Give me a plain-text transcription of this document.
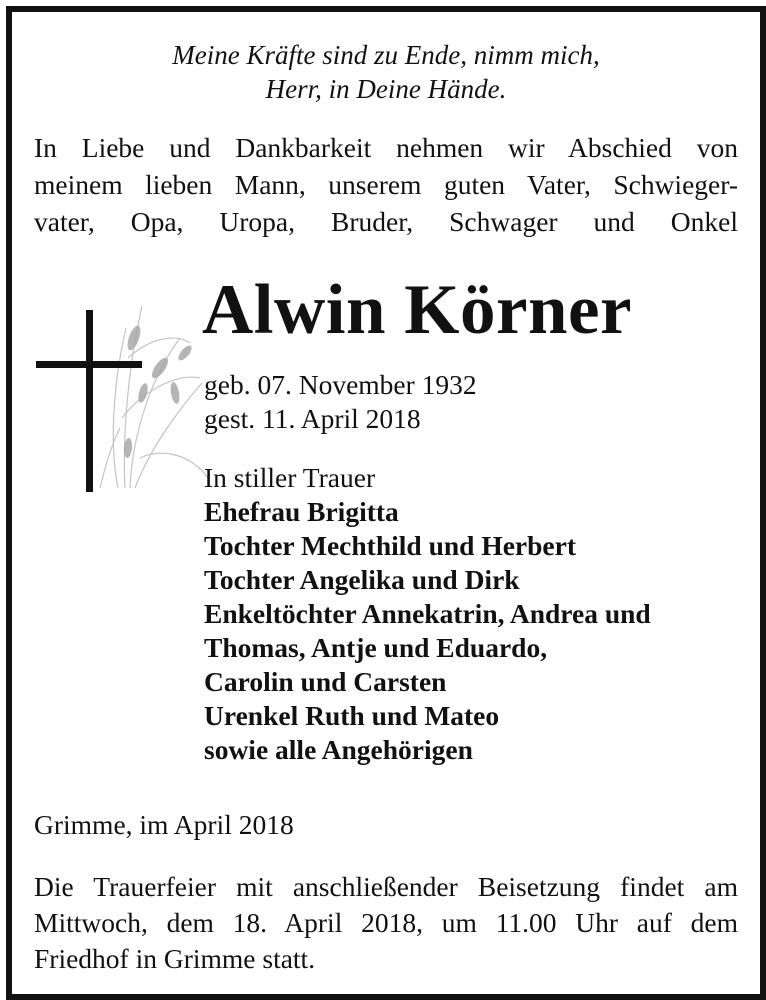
Meine Kräfte sind zu Ende, nimm mich,
Herr, in Deine Hände.
In Liebe und Dankbarkeit nehmen wir Abschied von
meinem lieben Mann, unserem guten Vater, Schwieger-
vater, Opa, Uropa, Bruder, Schwager und Onkel
Alwin Körner
geb. 07. November 1932
gest. 11. April 2018
In stiller Trauer
Ehefrau Brigitta
Tochter Mechthild und Herbert
Tochter Angelika und Dirk
Enkeltöchter Annekatrin, Andrea und
Thomas, Antje und Eduardo,
Carolin und Carsten
Urenkel Ruth und Mateo
sowie alle Angehörigen
Grimme, im April 2018
Die Trauerfeier mit anschließender Beisetzung findet am
Mittwoch, dem 18. April 2018, um 11.00 Uhr auf dem
Friedhof in Grimme statt.
